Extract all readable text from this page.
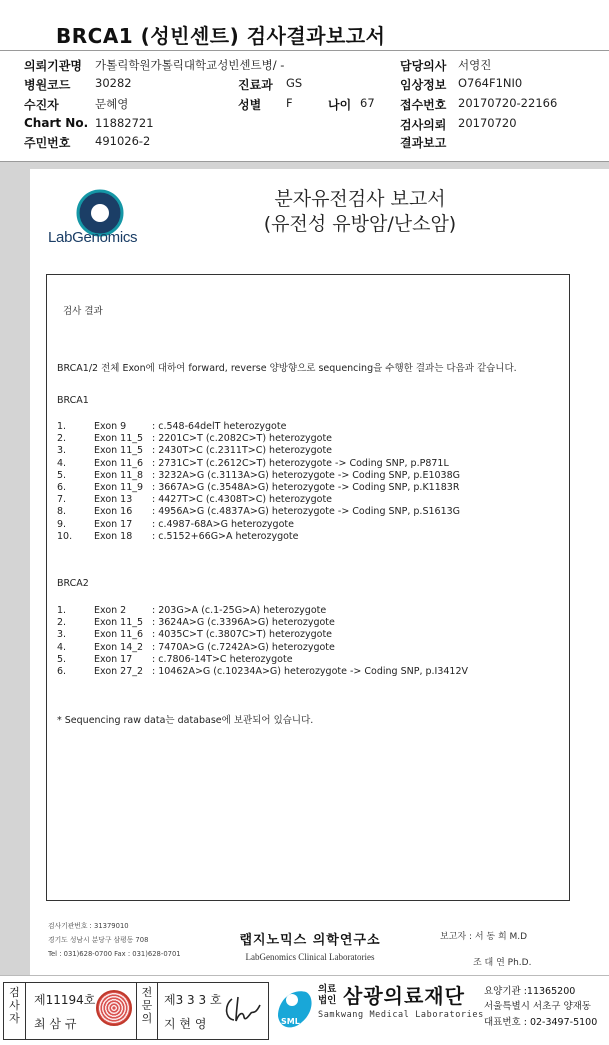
BRCA1 (성빈센트) 검사결과보고서
의뢰기관명 가톨릭학원가톨릭대학교성빈센트병/ -
병원코드 30282
수진자	문혜영
Chart No. 11882721
주민번호 491026-2
진료과 GS
성별 F	나이 67
담당의사 서영진
임상정보 O764F1NI0
접수번호 20170720-22166
검사의뢰 20170720
결과보고
LabGenomics
분자유전검사 보고서
(유전성 유방암/난소암)
검사 결과
BRCA1/2 전체 Exon에 대하여 forward, reverse 양방향으로 sequencing을 수행한 결과는 다음과 같습니다.
BRCA1
1.	Exon 9	: c.548-64delT heterozygote
2.	Exon 11_5 : 2201C>T (c.2082C>T) heterozygote
3.	Exon 11_5 : 2430T>C (c.2311T>C) heterozygote
4.	Exon 11_6 : 2731C>T (c.2612C>T) heterozygote -> Coding SNP, p.P871L
5.	Exon 11_8 : 3232A>G (c.3113A>G) heterozygote -> Coding SNP, p.E1038G
6.	Exon 11_9 : 3667A>G (c.3548A>G) heterozygote -> Coding SNP, p.K1183R
7.	Exon 13 : 4427T>C (c.4308T>C) heterozygote
8.	Exon 16 : 4956A>G (c.4837A>G) heterozygote -> Coding SNP, p.S1613G
9.	Exon 17 : c.4987-68A>G heterozygote
10. Exon 18 : c.5152+66G>A heterozygote
BRCA2
1.	Exon 2	: 203G>A (c.1-25G>A) heterozygote
2.	Exon 11_5 : 3624A>G (c.3396A>G) heterozygote
3.	Exon 11_6 : 4035C>T (c.3807C>T) heterozygote
4.	Exon 14_2 : 7470A>G (c.7242A>G) heterozygote
5.	Exon 17 : c.7806-14T>C heterozygote
6.	Exon 27_2 : 10462A>G (c.10234A>G) heterozygote -> Coding SNP, p.I3412V
* Sequencing raw data는 database에 보관되어 있습니다.
검사기관번호 : 31379010
경기도 성남시 분당구 삼평동 708
Tel : 031)628-0700 Fax : 031)628-0701
랩지노믹스 의학연구소
LabGenomics Clinical Laboratories
보고자 : 서 동 희 M.D
조 대 연 Ph.D.
검사자
제11194호
최 삼 규
전문의
제3 3 3 호
지 현 영	SML
의료
법인 삼광의료재단
Samkwang Medical Laboratories
요양기관 :11365200
서울특별시 서초구 양재동
대표번호 : 02-3497-5100
